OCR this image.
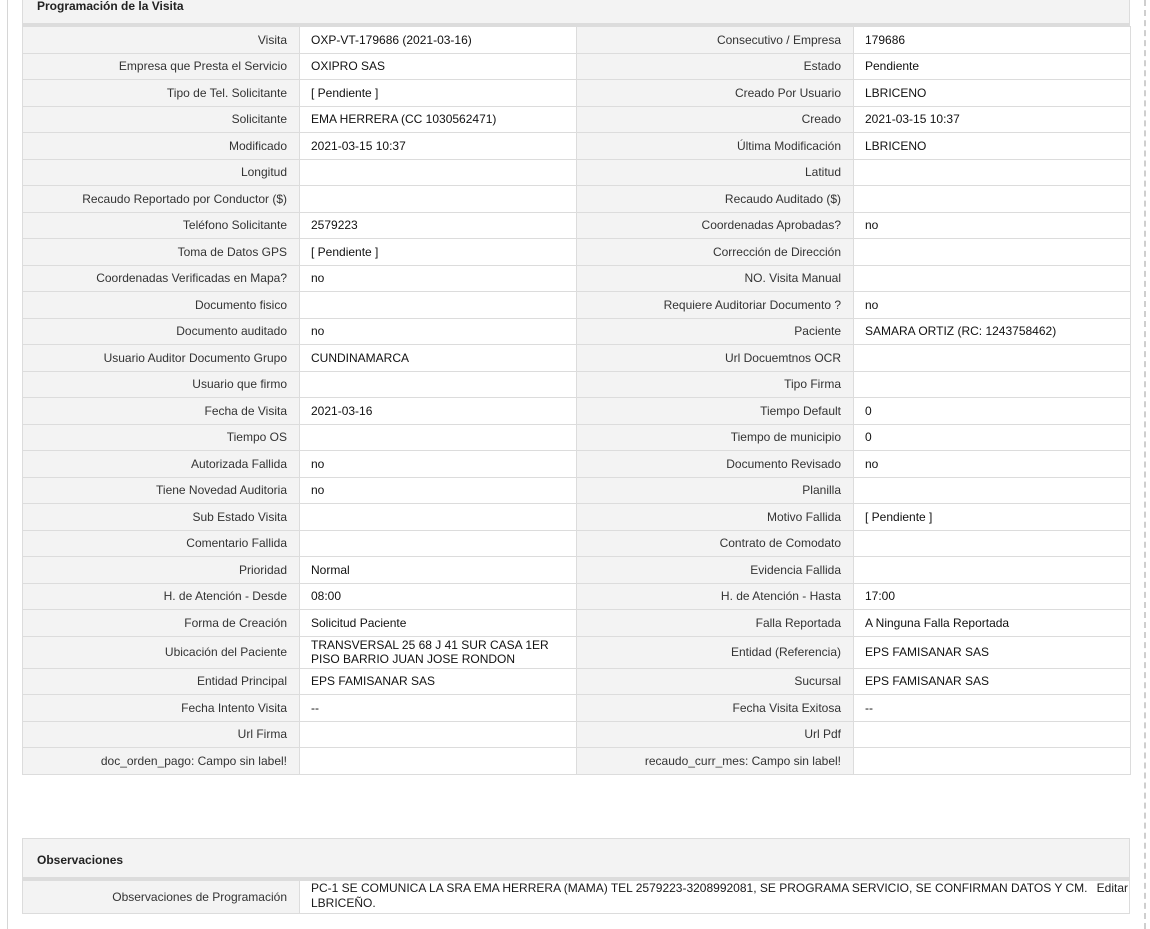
Programación de la Visita
Visita	OXP-VT-179686 (2021-03-16)	Consecutivo / Empresa	179686
Empresa que Presta el Servicio	OXIPRO SAS	Estado	Pendiente
Tipo de Tel. Solicitante	[ Pendiente ]	Creado Por Usuario	LBRICENO
Solicitante	EMA HERRERA (CC 1030562471)	Creado	2021-03-15 10:37
Modificado	2021-03-15 10:37	Última Modificación	LBRICENO
Longitud		Latitud	
Recaudo Reportado por Conductor ($)		Recaudo Auditado ($)	
Teléfono Solicitante	2579223	Coordenadas Aprobadas?	no
Toma de Datos GPS	[ Pendiente ]	Corrección de Dirección	
Coordenadas Verificadas en Mapa?	no	NO. Visita Manual	
Documento fisico		Requiere Auditoriar Documento ?	no
Documento auditado	no	Paciente	SAMARA ORTIZ (RC: 1243758462)
Usuario Auditor Documento Grupo	CUNDINAMARCA	Url Docuemtnos OCR	
Usuario que firmo		Tipo Firma	
Fecha de Visita	2021-03-16	Tiempo Default	0
Tiempo OS		Tiempo de municipio	0
Autorizada Fallida	no	Documento Revisado	no
Tiene Novedad Auditoria	no	Planilla	
Sub Estado Visita		Motivo Fallida	[ Pendiente ]
Comentario Fallida		Contrato de Comodato	
Prioridad	Normal	Evidencia Fallida	
H. de Atención - Desde	08:00	H. de Atención - Hasta	17:00
Forma de Creación	Solicitud Paciente	Falla Reportada	A Ninguna Falla Reportada
Ubicación del Paciente	TRANSVERSAL 25 68 J 41 SUR CASA 1ER PISO BARRIO JUAN JOSE RONDON	Entidad (Referencia)	EPS FAMISANAR SAS
Entidad Principal	EPS FAMISANAR SAS	Sucursal	EPS FAMISANAR SAS
Fecha Intento Visita	--	Fecha Visita Exitosa	--
Url Firma		Url Pdf	
doc_orden_pago: Campo sin label!		recaudo_curr_mes: Campo sin label!	
Observaciones
Observaciones de Programación	PC-1 SE COMUNICA LA SRA EMA HERRERA (MAMA) TEL 2579223-3208992081, SE PROGRAMA SERVICIO, SE CONFIRMAN DATOS Y CM. LBRICEÑO.
Editar
